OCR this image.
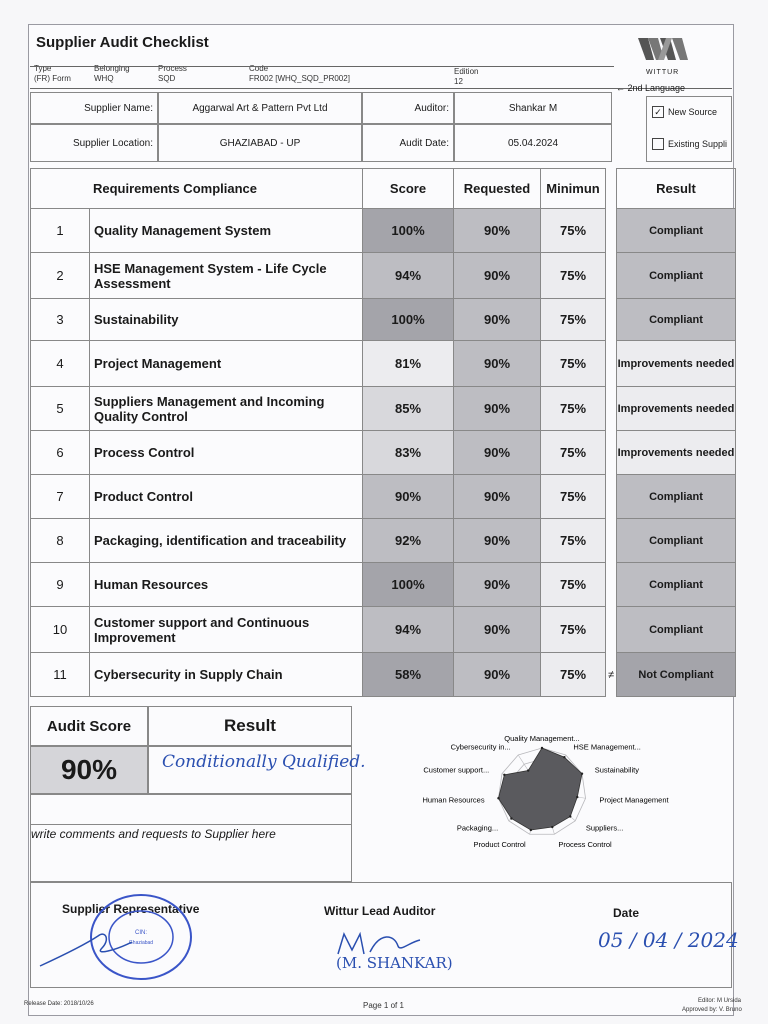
Supplier Audit Checklist
Type
(FR) Form
Belonging
WHQ
Process
SQD
Code
FR002 [WHQ_SQD_PR002]
Edition
12
WITTUR
← 2nd Language
Supplier Name:	Aggarwal Art & Pattern Pvt Ltd	Auditor:	Shankar M
Supplier Location:	GHAZIABAD - UP	Audit Date:	05.04.2024
✓ New Source
Existing Suppli
Requirements Compliance		Score	Requested	Minimun		Result
1	Quality Management System	100%	90%	75%		Compliant
2	HSE Management System - Life Cycle Assessment	94%	90%	75%		Compliant
3	Sustainability	100%	90%	75%		Compliant
4	Project Management	81%	90%	75%		Improvements needed
5	Suppliers Management and Incoming Quality Control	85%	90%	75%		Improvements needed
6	Process Control	83%	90%	75%		Improvements needed
7	Product Control	90%	90%	75%		Compliant
8	Packaging, identification and traceability	92%	90%	75%		Compliant
9	Human Resources	100%	90%	75%		Compliant
10	Customer support and Continuous Improvement	94%	90%	75%		Compliant
11	Cybersecurity in Supply Chain	58%	90%	75%	≠	Not Compliant
Audit Score	Result
90%	Conditionally Qualified.
write comments and requests to Supplier here
Quality Management...
HSE Management...
Sustainability
Project Management
Suppliers...
Process Control
Product Control
Packaging...
Human Resources
Customer support...
Cybersecurity in...
Supplier Representative	Wittur Lead Auditor	Date
CIN:
Ghaziabad
(M. SHANKAR)
05 / 04 / 2024
Release Date: 2018/10/26	Page 1 of 1	Editor: M Ursida
Approved by: V. Bruno
